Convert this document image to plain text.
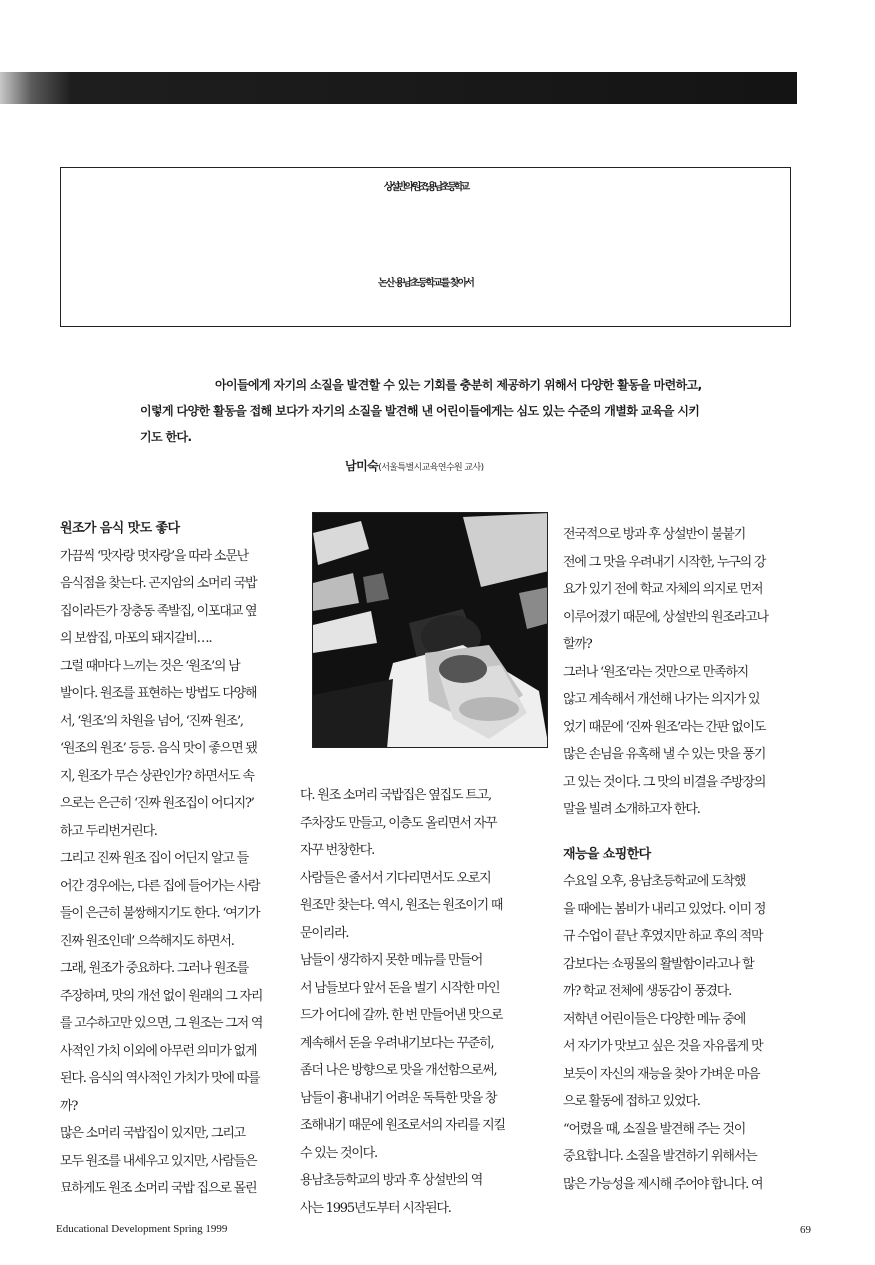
상설반의 ‘원조’, 용남초등학교
논산 용남초등학교를 찾아서
아이들에게 자기의 소질을 발견할 수 있는 기회를 충분히 제공하기 위해서 다양한 활동을 마련하고,
이렇게 다양한 활동을 접해 보다가 자기의 소질을 발견해 낸 어린이들에게는 심도 있는 수준의 개별화 교육을 시키
기도 한다.
남미숙(서울특별시교육연수원 교사)

원조가 음식 맛도 좋다

가끔씩 ‘맛자랑 멋자랑’을 따라 소문난

음식점을 찾는다. 곤지암의 소머리 국밥

집이라든가 장충동 족발집, 이포대교 옆

의 보쌈집, 마포의 돼지갈비….

그럴 때마다 느끼는 것은 ‘원조’의 남

발이다. 원조를 표현하는 방법도 다양해

서, ‘원조’의 차원을 넘어, ‘진짜 원조’,

‘원조의 원조’ 등등. 음식 맛이 좋으면 됐

지, 원조가 무슨 상관인가? 하면서도 속

으로는 은근히 ‘진짜 원조집이 어디지?’

하고 두리번거린다.

그리고 진짜 원조 집이 어딘지 알고 들

어간 경우에는, 다른 집에 들어가는 사람

들이 은근히 불쌍해지기도 한다. ‘여기가

진짜 원조인데’ 으쓱해지도 하면서.

그래, 원조가 중요하다. 그러나 원조를

주장하며, 맛의 개선 없이 원래의 그 자리

를 고수하고만 있으면, 그 원조는 그저 역

사적인 가치 이외에 아무런 의미가 없게

된다. 음식의 역사적인 가치가 맛에 따를

까?

많은 소머리 국밥집이 있지만, 그리고

모두 원조를 내세우고 있지만, 사람들은

묘하게도 원조 소머리 국밥 집으로 몰린

다. 원조 소머리 국밥집은 옆집도 트고,

주차장도 만들고, 이층도 올리면서 자꾸

자꾸 번창한다.

사람들은 줄서서 기다리면서도 오로지

원조만 찾는다. 역시, 원조는 원조이기 때

문이리라.

남들이 생각하지 못한 메뉴를 만들어

서 남들보다 앞서 돈을 벌기 시작한 마인

드가 어디에 갈까. 한 번 만들어낸 맛으로

계속해서 돈을 우려내기보다는 꾸준히,

좀더 나은 방향으로 맛을 개선함으로써,

남들이 흉내내기 어려운 독특한 맛을 창

조해내기 때문에 원조로서의 자리를 지킬

수 있는 것이다.

용남초등학교의 방과 후 상설반의 역

사는 1995년도부터 시작된다.

전국적으로 방과 후 상설반이 불붙기

전에 그 맛을 우려내기 시작한, 누구의 강

요가 있기 전에 학교 자체의 의지로 먼저

이루어졌기 때문에, 상설반의 원조라고나

할까?

그러나 ‘원조’라는 것만으로 만족하지

않고 계속해서 개선해 나가는 의지가 있

었기 때문에 ‘진짜 원조’라는 간판 없이도

많은 손님을 유혹해 낼 수 있는 맛을 풍기

고 있는 것이다. 그 맛의 비결을 주방장의

말을 빌려 소개하고자 한다.

재능을 쇼핑한다

수요일 오후, 용남초등학교에 도착했

을 때에는 봄비가 내리고 있었다. 이미 정

규 수업이 끝난 후였지만 하교 후의 적막

감보다는 쇼핑몰의 활발함이라고나 할

까? 학교 전체에 생동감이 풍겼다.

저학년 어린이들은 다양한 메뉴 중에

서 자기가 맛보고 싶은 것을 자유롭게 맛

보듯이 자신의 재능을 찾아 가벼운 마음

으로 활동에 접하고 있었다.

“어렸을 때, 소질을 발견해 주는 것이

중요합니다. 소질을 발견하기 위해서는

많은 가능성을 제시해 주어야 합니다. 여

Educational Development Spring 1999	69
